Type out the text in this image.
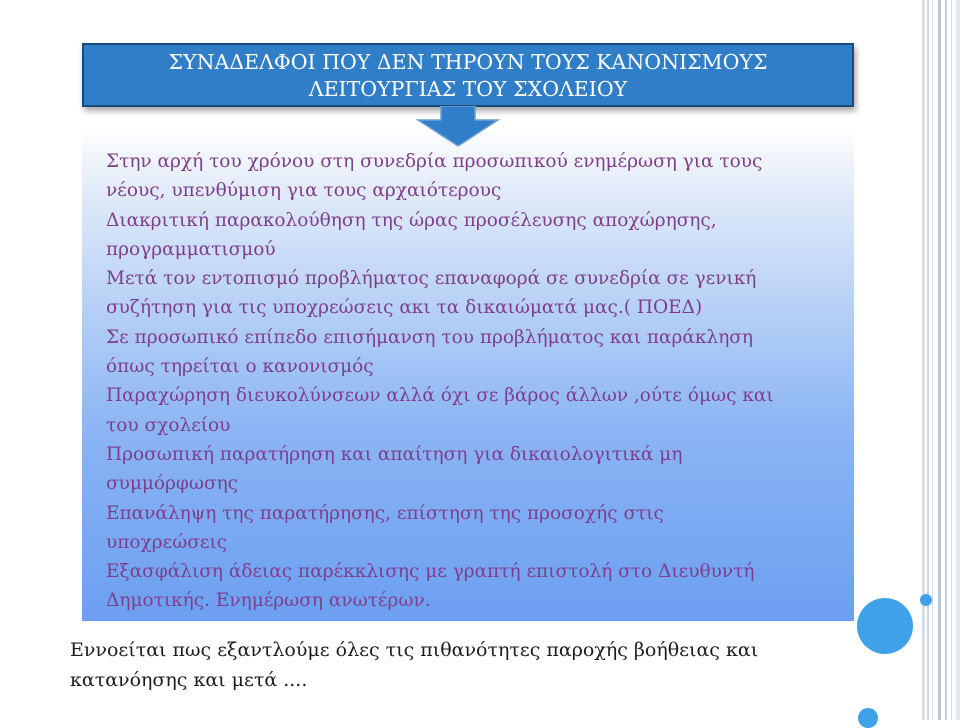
Στην αρχή του χρόνου στη συνεδρία προσωπικού ενημέρωση για τους
νέους, υπενθύμιση για τους αρχαιότερους
Διακριτική παρακολούθηση της ώρας προσέλευσης αποχώρησης,
προγραμματισμού
Μετά τον εντοπισμό προβλήματος επαναφορά σε συνεδρία σε γενική
συζήτηση για τις υποχρεώσεις ακι τα δικαιώματά μας.( ΠΟΕΔ)
Σε προσωπικό επίπεδο επισήμανση του προβλήματος και παράκληση
όπως τηρείται ο κανονισμός
Παραχώρηση διευκολύνσεων αλλά όχι σε βάρος άλλων ,ούτε όμως και
του σχολείου
Προσωπική παρατήρηση και απαίτηση για δικαιολογιτικά μη
συμμόρφωσης
Επανάληψη της παρατήρησης, επίστηση της προσοχής στις
υποχρεώσεις
Εξασφάλιση άδειας παρέκκλισης με γραπτή επιστολή στο Διευθυντή
Δημοτικής. Ενημέρωση ανωτέρων.
ΣΥΝΑΔΕΛΦΟΙ ΠΟΥ ΔΕΝ ΤΗΡΟΥΝ ΤΟΥΣ ΚΑΝΟΝΙΣΜΟΥΣ
ΛΕΙΤΟΥΡΓΙΑΣ ΤΟΥ ΣΧΟΛΕΙΟΥ

Εννοείται πως εξαντλούμε όλες τις πιθανότητες παροχής βοήθειας και
κατανόησης και μετά ....
